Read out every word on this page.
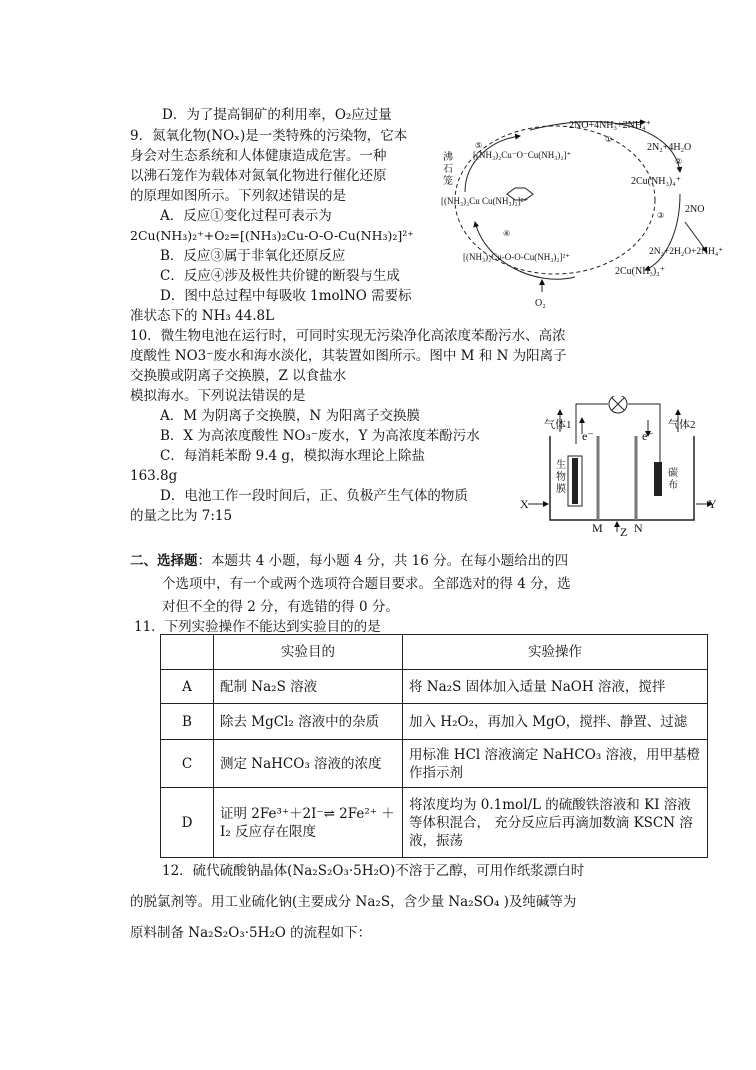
D．为了提高铜矿的利用率，O₂应过量
9．氮氧化物(NOₓ)是一类特殊的污染物，它本
身会对生态系统和人体健康造成危害。一种
以沸石笼作为载体对氮氧化物进行催化还原
的原理如图所示。下列叙述错误的是
A．反应①变化过程可表示为
2Cu(NH₃)₂⁺+O₂=[(NH₃)₂Cu-O-O-Cu(NH₃)₂]²⁺
B．反应③属于非氧化还原反应
C．反应④涉及极性共价键的断裂与生成
D．图中总过程中每吸收 1molNO 需要标
准状态下的 NH₃ 44.8L
沸
石
笼
2NO+4NH₃+2NH₄⁺
2N₂+4H₂O
2Cu(NH₃)₄⁺
2NO
2N₂+2H₂O+2NH₄⁺
2Cu(NH₃)₂⁺
[(NH₃)₂Cu⁻O⁻Cu(NH₃)₂]⁺
[(NH₃)₂Cu Cu(NH₃)₂]²⁺
[(NH₃)₂Cu-O-O-Cu(NH₃)₂]²⁺
O₂
①
②
③
④
⑤
10．微生物电池在运行时，可同时实现无污染净化高浓度苯酚污水、高浓
度酸性 NO3⁻废水和海水淡化，其装置如图所示。图中 M 和 N 为阳离子
交换膜或阴离子交换膜，Z 以食盐水
模拟海水。下列说法错误的是
A．M 为阴离子交换膜，N 为阳离子交换膜
B．X 为高浓度酸性 NO₃⁻废水，Y 为高浓度苯酚污水
C．每消耗苯酚 9.4 g，模拟海水理论上除盐
163.8g
D．电池工作一段时间后，正、负极产生气体的物质
的量之比为 7:15
气体1	气体2
e⁻	e⁻
生
物
膜
碳
布
X	Y
M Z N
二、选择题：本题共 4 小题，每小题 4 分，共 16 分。在每小题给出的四
个选项中，有一个或两个选项符合题目要求。全部选对的得 4 分，选
对但不全的得 2 分，有选错的得 0 分。
11．下列实验操作不能达到实验目的的是
	实验目的	实验操作
A	配制 Na₂S 溶液	将 Na₂S 固体加入适量 NaOH 溶液，搅拌
B	除去 MgCl₂ 溶液中的杂质	加入 H₂O₂，再加入 MgO，搅拌、静置、过滤
C	测定 NaHCO₃ 溶液的浓度	用标准 HCl 溶液滴定 NaHCO₃ 溶液，用甲基橙作指示剂
D	证明 2Fe³⁺＋2I⁻⇌ 2Fe²⁺ ＋ I₂ 反应存在限度	将浓度均为 0.1mol/L 的硫酸铁溶液和 KI 溶液等体积混合， 充分反应后再滴加数滴 KSCN 溶液，振荡
12．硫代硫酸钠晶体(Na₂S₂O₃·5H₂O)不溶于乙醇，可用作纸浆漂白时
的脱氯剂等。用工业硫化钠(主要成分 Na₂S，含少量 Na₂SO₄ )及纯碱等为
原料制备 Na₂S₂O₃·5H₂O 的流程如下：
